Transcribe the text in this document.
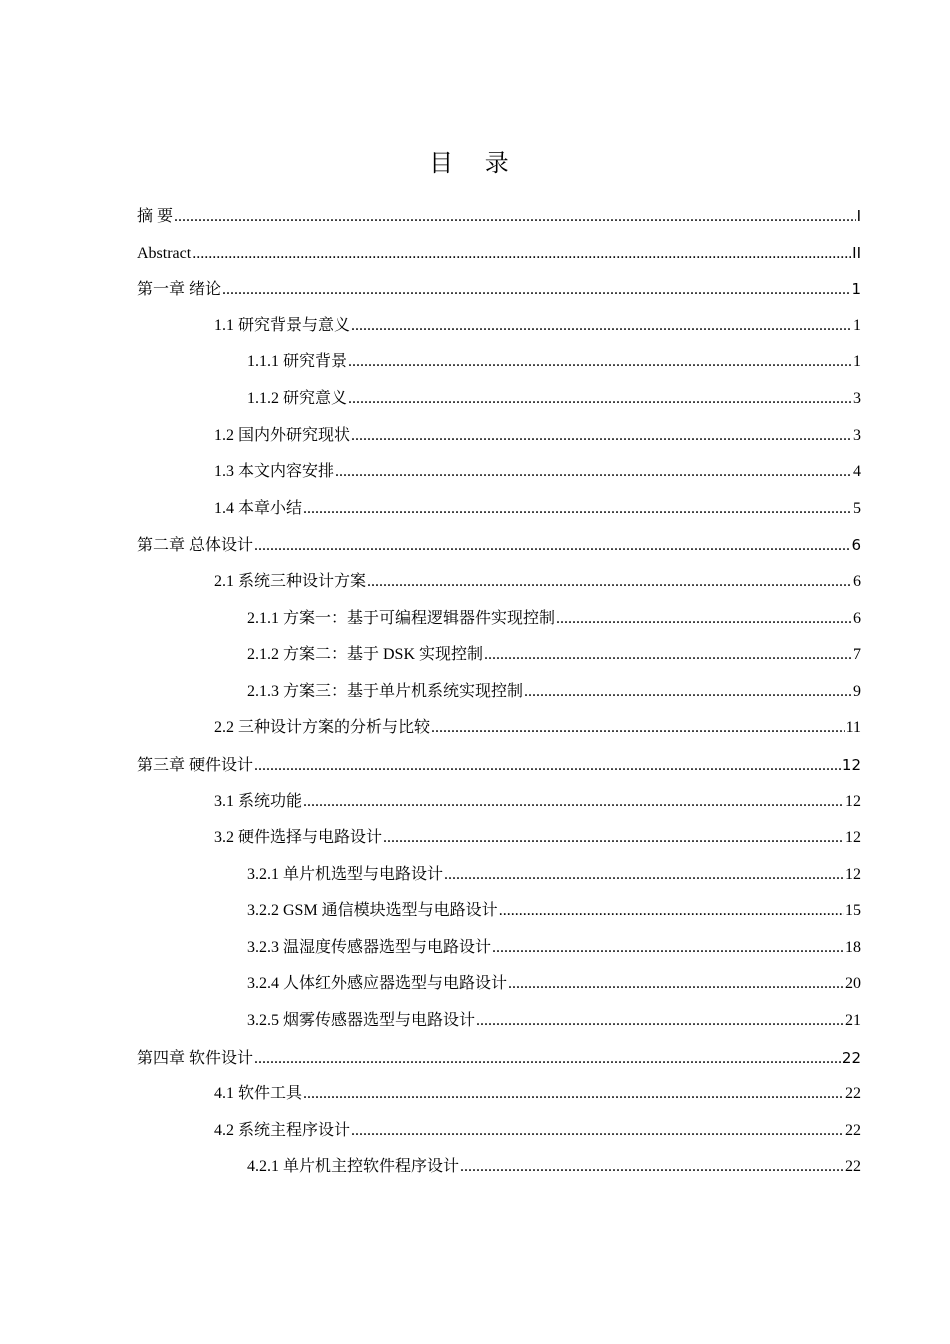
目 录
摘 要 .....	I
Abstract .....	II
第一章 绪论 .....	1
1.1 研究背景与意义 .....	1
1.1.1 研究背景 .....	1
1.1.2 研究意义 .....	3
1.2 国内外研究现状 .....	3
1.3 本文内容安排 .....	4
1.4 本章小结 .....	5
第二章 总体设计 .....	6
2.1 系统三种设计方案 .....	6
2.1.1 方案一：基于可编程逻辑器件实现控制 .....	6
2.1.2 方案二：基于 DSK 实现控制 .....	7
2.1.3 方案三：基于单片机系统实现控制 .....	9
2.2 三种设计方案的分析与比较 .....	11
第三章 硬件设计 .....	12
3.1 系统功能 .....	12
3.2 硬件选择与电路设计 .....	12
3.2.1 单片机选型与电路设计 .....	12
3.2.2 GSM 通信模块选型与电路设计 .....	15
3.2.3 温湿度传感器选型与电路设计 .....	18
3.2.4 人体红外感应器选型与电路设计 .....	20
3.2.5 烟雾传感器选型与电路设计 .....	21
第四章 软件设计 .....	22
4.1 软件工具 .....	22
4.2 系统主程序设计 .....	22
4.2.1 单片机主控软件程序设计 .....	22
